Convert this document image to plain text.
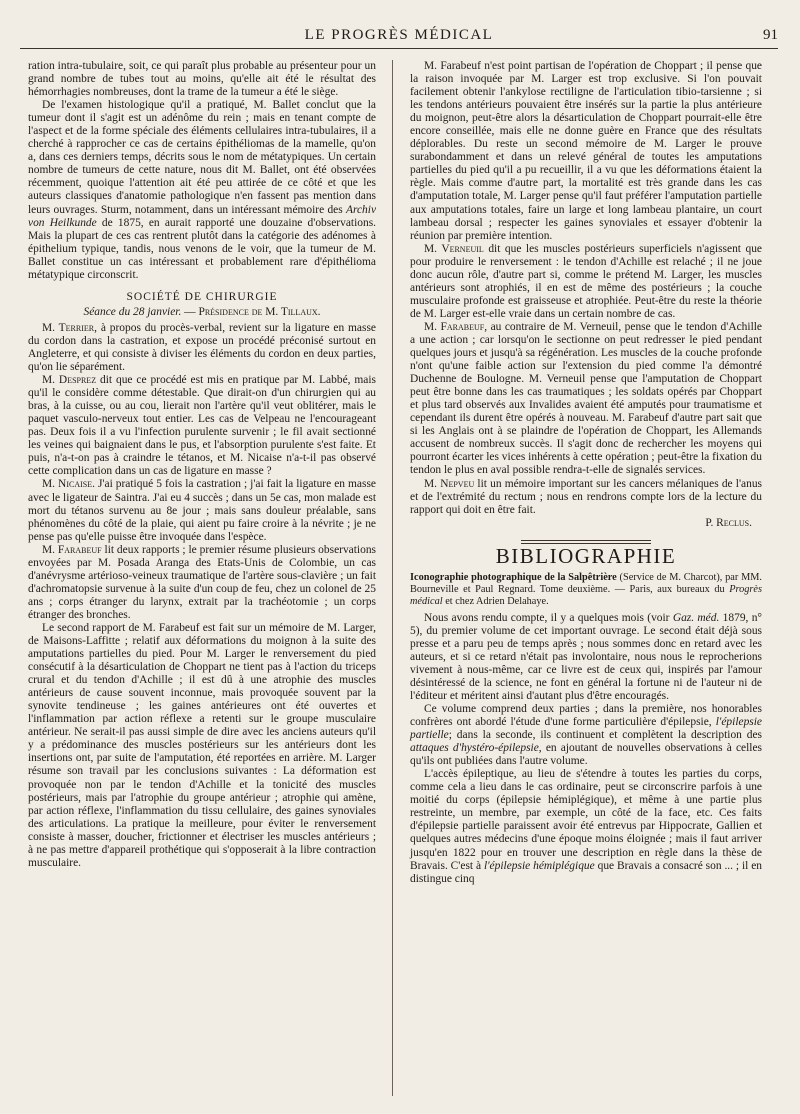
LE PROGRÈS MÉDICAL	91

ration intra-tubulaire, soit, ce qui paraît plus probable au présenteur pour un grand nombre de tubes tout au moins, qu'elle ait été le résultat des hémorrhagies nombreuses, dont la trame de la tumeur a été le siège.

De l'examen histologique qu'il a pratiqué, M. Ballet conclut que la tumeur dont il s'agit est un adénôme du rein ; mais en tenant compte de l'aspect et de la forme spéciale des éléments cellulaires intra-tubulaires, il a cherché à rapprocher ce cas de certains épithéliomas de la mamelle, qu'on a, dans ces derniers temps, décrits sous le nom de métatypiques. Un certain nombre de tumeurs de cette nature, nous dit M. Ballet, ont été observées récemment, quoique l'attention ait été peu attirée de ce côté et que les auteurs classiques d'anatomie pathologique n'en fassent pas mention dans leurs ouvrages. Sturm, notamment, dans un intéressant mémoire des Archiv von Heilkunde de 1875, en aurait rapporté une douzaine d'observations. Mais la plupart de ces cas rentrent plutôt dans la catégorie des adénomes à épithelium typique, tandis, nous venons de le voir, que la tumeur de M. Ballet constitue un cas intéressant et probablement rare d'épithélioma métatypique circonscrit.

SOCIÉTÉ DE CHIRURGIE

Séance du 28 janvier. — Présidence de M. Tillaux.

M. Terrier, à propos du procès-verbal, revient sur la ligature en masse du cordon dans la castration, et expose un procédé préconisé surtout en Angleterre, et qui consiste à diviser les éléments du cordon en deux parties, qu'on lie séparément.

M. Desprez dit que ce procédé est mis en pratique par M. Labbé, mais qu'il le considère comme détestable. Que dirait-on d'un chirurgien qui au bras, à la cuisse, ou au cou, lierait non l'artère qu'il veut oblitérer, mais le paquet vasculo-nerveux tout entier. Les cas de Velpeau ne l'encourageant pas. Deux fois il a vu l'infection purulente survenir ; le fil avait sectionné les veines qui baignaient dans le pus, et l'absorption purulente s'est faite. Et puis, n'a-t-on pas à craindre le tétanos, et M. Nicaise n'a-t-il pas observé cette complication dans un cas de ligature en masse ?

M. Nicaise. J'ai pratiqué 5 fois la castration ; j'ai fait la ligature en masse avec le ligateur de Saintra. J'ai eu 4 succès ; dans un 5e cas, mon malade est mort du tétanos survenu au 8e jour ; mais sans douleur préalable, sans phénomènes du côté de la plaie, qui aient pu faire croire à la névrite ; je ne pense pas qu'elle puisse être invoquée dans l'espèce.

M. Farabeuf lit deux rapports ; le premier résume plusieurs observations envoyées par M. Posada Aranga des Etats-Unis de Colombie, un cas d'anévrysme artérioso-veineux traumatique de l'artère sous-clavière ; un fait d'achromatopsie survenue à la suite d'un coup de feu, chez un colonel de 25 ans ; corps étranger du larynx, extrait par la trachéotomie ; un corps étranger des bronches.

Le second rapport de M. Farabeuf est fait sur un mémoire de M. Larger, de Maisons-Laffitte ; relatif aux déformations du moignon à la suite des amputations partielles du pied. Pour M. Larger le renversement du pied consécutif à la désarticulation de Choppart ne tient pas à l'action du triceps crural et du tendon d'Achille ; il est dû à une atrophie des muscles antérieurs de cause souvent inconnue, mais provoquée souvent par la synovite tendineuse ; les gaines antérieures ont été ouvertes et l'inflammation par action réflexe a retenti sur le groupe musculaire antérieur. Ne serait-il pas aussi simple de dire avec les anciens auteurs qu'il y a prédominance des muscles postérieurs sur les antérieurs dont les insertions ont, par suite de l'amputation, été reportées en arrière. M. Larger résume son travail par les conclusions suivantes : La déformation est provoquée non par le tendon d'Achille et la tonicité des muscles postérieurs, mais par l'atrophie du groupe antérieur ; atrophie qui amène, par action réflexe, l'inflammation du tissu cellulaire, des gaines synoviales des articulations. La pratique la meilleure, pour éviter le renversement consiste à masser, doucher, frictionner et électriser les muscles antérieurs ; à ne pas mettre d'appareil prothétique qui s'opposerait à la libre contraction musculaire.

M. Farabeuf n'est point partisan de l'opération de Choppart ; il pense que la raison invoquée par M. Larger est trop exclusive. Si l'on pouvait facilement obtenir l'ankylose rectiligne de l'articulation tibio-tarsienne ; si les tendons antérieurs pouvaient être insérés sur la partie la plus antérieure du moignon, peut-être alors la désarticulation de Choppart pourrait-elle être encore conseillée, mais elle ne donne guère en France que des résultats déplorables. Du reste un second mémoire de M. Larger le prouve surabondamment et dans un relevé général de toutes les amputations partielles du pied qu'il a pu recueillir, il a vu que les déformations étaient la règle. Mais comme d'autre part, la mortalité est très grande dans les cas d'amputation totale, M. Larger pense qu'il faut préférer l'amputation partielle aux amputations totales, faire un large et long lambeau plantaire, un court lambeau dorsal ; respecter les gaines synoviales et essayer d'obtenir la réunion par première intention.

M. Verneuil dit que les muscles postérieurs superficiels n'agissent que pour produire le renversement : le tendon d'Achille est relaché ; il ne joue donc aucun rôle, d'autre part si, comme le prétend M. Larger, les muscles antérieurs sont atrophiés, il en est de même des postérieurs ; la couche musculaire profonde est graisseuse et atrophiée. Peut-être du reste la théorie de M. Larger est-elle vraie dans un certain nombre de cas.

M. Farabeuf, au contraire de M. Verneuil, pense que le tendon d'Achille a une action ; car lorsqu'on le sectionne on peut redresser le pied pendant quelques jours et jusqu'à sa régénération. Les muscles de la couche profonde n'ont qu'une faible action sur l'extension du pied comme l'a démontré Duchenne de Boulogne. M. Verneuil pense que l'amputation de Choppart peut être bonne dans les cas traumatiques ; les soldats opérés par Choppart et plus tard observés aux Invalides avaient été amputés pour traumatisme et cependant ils durent être opérés à nouveau. M. Farabeuf d'autre part sait que si les Anglais ont à se plaindre de l'opération de Choppart, les Allemands accusent de nombreux succès. Il s'agit donc de rechercher les moyens qui pourront écarter les vices inhérents à cette opération ; peut-être la fixation du tendon le plus en aval possible rendra-t-elle de signalés services.

M. Nepveu lit un mémoire important sur les cancers mélaniques de l'anus et de l'extrémité du rectum ; nous en rendrons compte lors de la lecture du rapport qui doit en être fait.

P. Reclus.

BIBLIOGRAPHIE

Iconographie photographique de la Salpêtrière (Service de M. Charcot), par MM. Bourneville et Paul Regnard. Tome deuxième. — Paris, aux bureaux du Progrès médical et chez Adrien Delahaye.

Nous avons rendu compte, il y a quelques mois (voir Gaz. méd. 1879, n° 5), du premier volume de cet important ouvrage. Le second était déjà sous presse et a paru peu de temps après ; nous sommes donc en retard avec les auteurs, et si ce retard n'était pas involontaire, nous nous le reprocherions vivement à nous-même, car ce livre est de ceux qui, inspirés par l'amour désintéressé de la science, ne font en général la fortune ni de l'auteur ni de l'éditeur et méritent ainsi d'autant plus d'être encouragés.

Ce volume comprend deux parties ; dans la première, nos honorables confrères ont abordé l'étude d'une forme particulière d'épilepsie, l'épilepsie partielle; dans la seconde, ils continuent et complètent la description des attaques d'hystéro-épilepsie, en ajoutant de nouvelles observations à celles qu'ils ont publiées dans l'autre volume.

L'accès épileptique, au lieu de s'étendre à toutes les parties du corps, comme cela a lieu dans le cas ordinaire, peut se circonscrire parfois à une moitié du corps (épilepsie hémiplégique), et même à une partie plus restreinte, un membre, par exemple, un côté de la face, etc. Ces faits d'épilepsie partielle paraissent avoir été entrevus par Hippocrate, Gallien et quelques autres médecins d'une époque moins éloignée ; mais il faut arriver jusqu'en 1822 pour en trouver une description en règle dans la thèse de Bravais. C'est à l'épilepsie hémiplégique que Bravais a consacré son ... ; il en distingue cinq
